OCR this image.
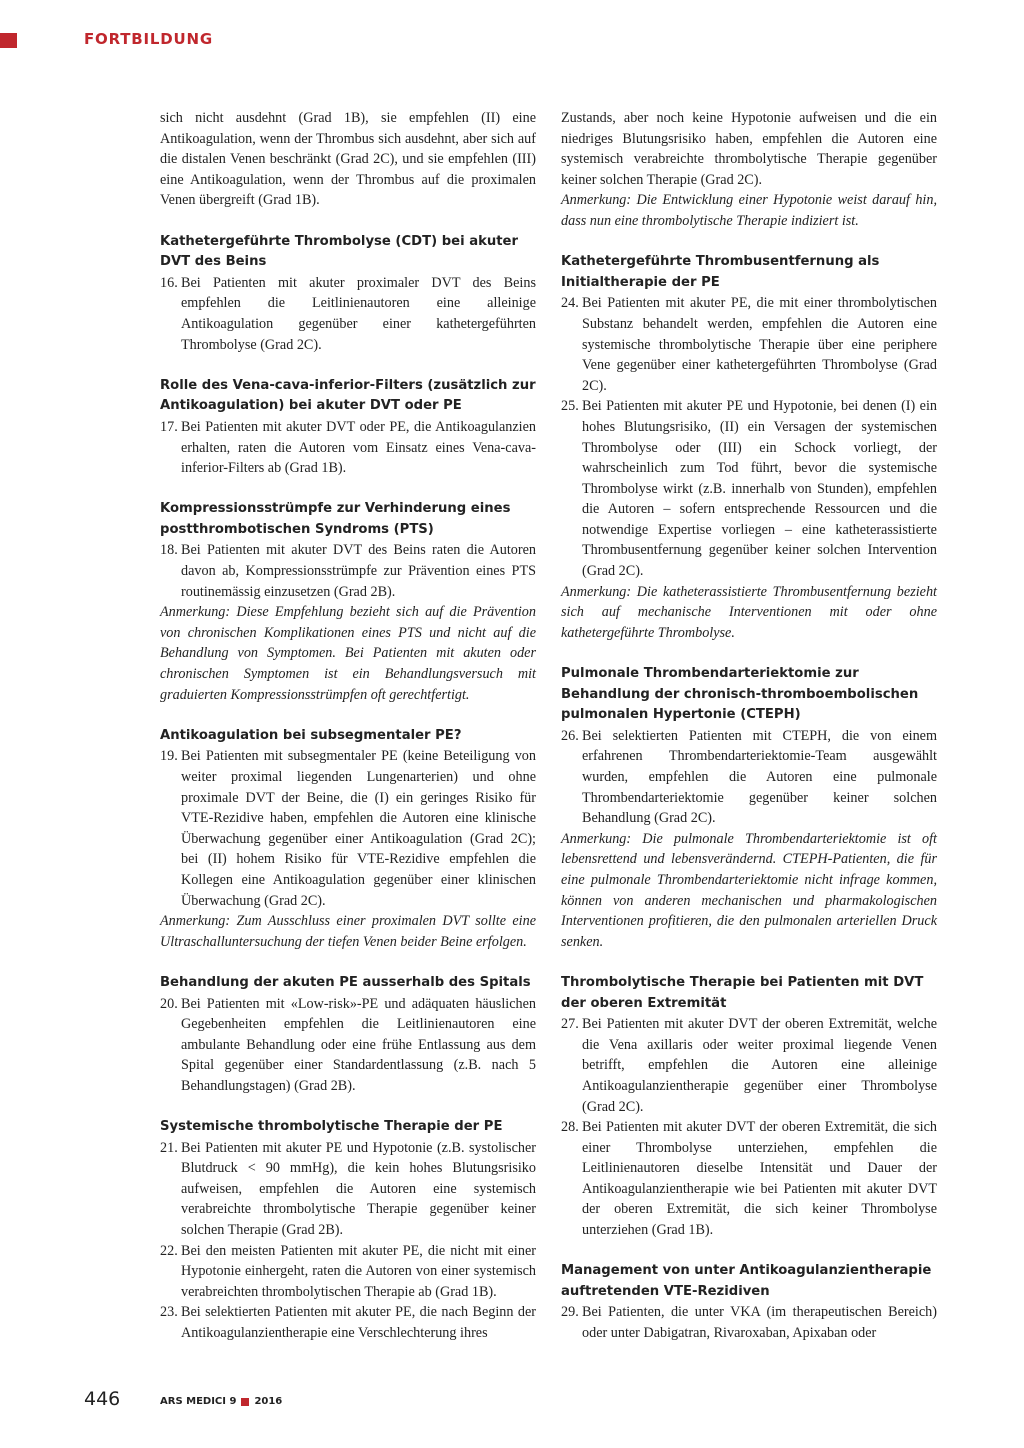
FORTBILDUNG
sich nicht ausdehnt (Grad 1B), sie empfehlen (II) eine Antikoagulation, wenn der Thrombus sich ausdehnt, aber sich auf die distalen Venen beschränkt (Grad 2C), und sie empfehlen (III) eine Antikoagulation, wenn der Thrombus auf die proximalen Venen übergreift (Grad 1B).
Kathetergeführte Thrombolyse (CDT) bei akuter DVT des Beins
16. Bei Patienten mit akuter proximaler DVT des Beins empfehlen die Leitlinienautoren eine alleinige Antikoagulation gegenüber einer kathetergeführten Thrombolyse (Grad 2C).
Rolle des Vena-cava-inferior-Filters (zusätzlich zur Antikoagulation) bei akuter DVT oder PE
17. Bei Patienten mit akuter DVT oder PE, die Antikoagulanzien erhalten, raten die Autoren vom Einsatz eines Vena-cava-inferior-Filters ab (Grad 1B).
Kompressionsstrümpfe zur Verhinderung eines postthrombotischen Syndroms (PTS)
18. Bei Patienten mit akuter DVT des Beins raten die Autoren davon ab, Kompressionsstrümpfe zur Prävention eines PTS routinemässig einzusetzen (Grad 2B).
Anmerkung: Diese Empfehlung bezieht sich auf die Prävention von chronischen Komplikationen eines PTS und nicht auf die Behandlung von Symptomen. Bei Patienten mit akuten oder chronischen Symptomen ist ein Behandlungsversuch mit graduierten Kompressionsstrümpfen oft gerechtfertigt.
Antikoagulation bei subsegmentaler PE?
19. Bei Patienten mit subsegmentaler PE (keine Beteiligung von weiter proximal liegenden Lungenarterien) und ohne proximale DVT der Beine, die (I) ein geringes Risiko für VTE-Rezidive haben, empfehlen die Autoren eine klinische Überwachung gegenüber einer Antikoagulation (Grad 2C); bei (II) hohem Risiko für VTE-Rezidive empfehlen die Kollegen eine Antikoagulation gegenüber einer klinischen Überwachung (Grad 2C).
Anmerkung: Zum Ausschluss einer proximalen DVT sollte eine Ultraschalluntersuchung der tiefen Venen beider Beine erfolgen.
Behandlung der akuten PE ausserhalb des Spitals
20. Bei Patienten mit «Low-risk»-PE und adäquaten häuslichen Gegebenheiten empfehlen die Leitlinienautoren eine ambulante Behandlung oder eine frühe Entlassung aus dem Spital gegenüber einer Standardentlassung (z.B. nach 5 Behandlungstagen) (Grad 2B).
Systemische thrombolytische Therapie der PE
21. Bei Patienten mit akuter PE und Hypotonie (z.B. systolischer Blutdruck < 90 mmHg), die kein hohes Blutungsrisiko aufweisen, empfehlen die Autoren eine systemisch verabreichte thrombolytische Therapie gegenüber keiner solchen Therapie (Grad 2B).
22. Bei den meisten Patienten mit akuter PE, die nicht mit einer Hypotonie einhergeht, raten die Autoren von einer systemisch verabreichten thrombolytischen Therapie ab (Grad 1B).
23. Bei selektierten Patienten mit akuter PE, die nach Beginn der Antikoagulanzientherapie eine Verschlechterung ihres
Zustands, aber noch keine Hypotonie aufweisen und die ein niedriges Blutungsrisiko haben, empfehlen die Autoren eine systemisch verabreichte thrombolytische Therapie gegenüber keiner solchen Therapie (Grad 2C).
Anmerkung: Die Entwicklung einer Hypotonie weist darauf hin, dass nun eine thrombolytische Therapie indiziert ist.
Kathetergeführte Thrombusentfernung als Initialtherapie der PE
24. Bei Patienten mit akuter PE, die mit einer thrombolytischen Substanz behandelt werden, empfehlen die Autoren eine systemische thrombolytische Therapie über eine periphere Vene gegenüber einer kathetergeführten Thrombolyse (Grad 2C).
25. Bei Patienten mit akuter PE und Hypotonie, bei denen (I) ein hohes Blutungsrisiko, (II) ein Versagen der systemischen Thrombolyse oder (III) ein Schock vorliegt, der wahrscheinlich zum Tod führt, bevor die systemische Thrombolyse wirkt (z.B. innerhalb von Stunden), empfehlen die Autoren – sofern entsprechende Ressourcen und die notwendige Expertise vorliegen – eine katheterassistierte Thrombusentfernung gegenüber keiner solchen Intervention (Grad 2C).
Anmerkung: Die katheterassistierte Thrombusentfernung bezieht sich auf mechanische Interventionen mit oder ohne kathetergeführte Thrombolyse.
Pulmonale Thrombendarteriektomie zur Behandlung der chronisch-thromboembolischen pulmonalen Hypertonie (CTEPH)
26. Bei selektierten Patienten mit CTEPH, die von einem erfahrenen Thrombendarteriektomie-Team ausgewählt wurden, empfehlen die Autoren eine pulmonale Thrombendarteriektomie gegenüber keiner solchen Behandlung (Grad 2C).
Anmerkung: Die pulmonale Thrombendarteriektomie ist oft lebensrettend und lebensverändernd. CTEPH-Patienten, die für eine pulmonale Thrombendarteriektomie nicht infrage kommen, können von anderen mechanischen und pharmakologischen Interventionen profitieren, die den pulmonalen arteriellen Druck senken.
Thrombolytische Therapie bei Patienten mit DVT der oberen Extremität
27. Bei Patienten mit akuter DVT der oberen Extremität, welche die Vena axillaris oder weiter proximal liegende Venen betrifft, empfehlen die Autoren eine alleinige Antikoagulanzientherapie gegenüber einer Thrombolyse (Grad 2C).
28. Bei Patienten mit akuter DVT der oberen Extremität, die sich einer Thrombolyse unterziehen, empfehlen die Leitlinienautoren dieselbe Intensität und Dauer der Antikoagulanzientherapie wie bei Patienten mit akuter DVT der oberen Extremität, die sich keiner Thrombolyse unterziehen (Grad 1B).
Management von unter Antikoagulanzientherapie auftretenden VTE-Rezidiven
29. Bei Patienten, die unter VKA (im therapeutischen Bereich) oder unter Dabigatran, Rivaroxaban, Apixaban oder
446	ARS MEDICI 9 2016
